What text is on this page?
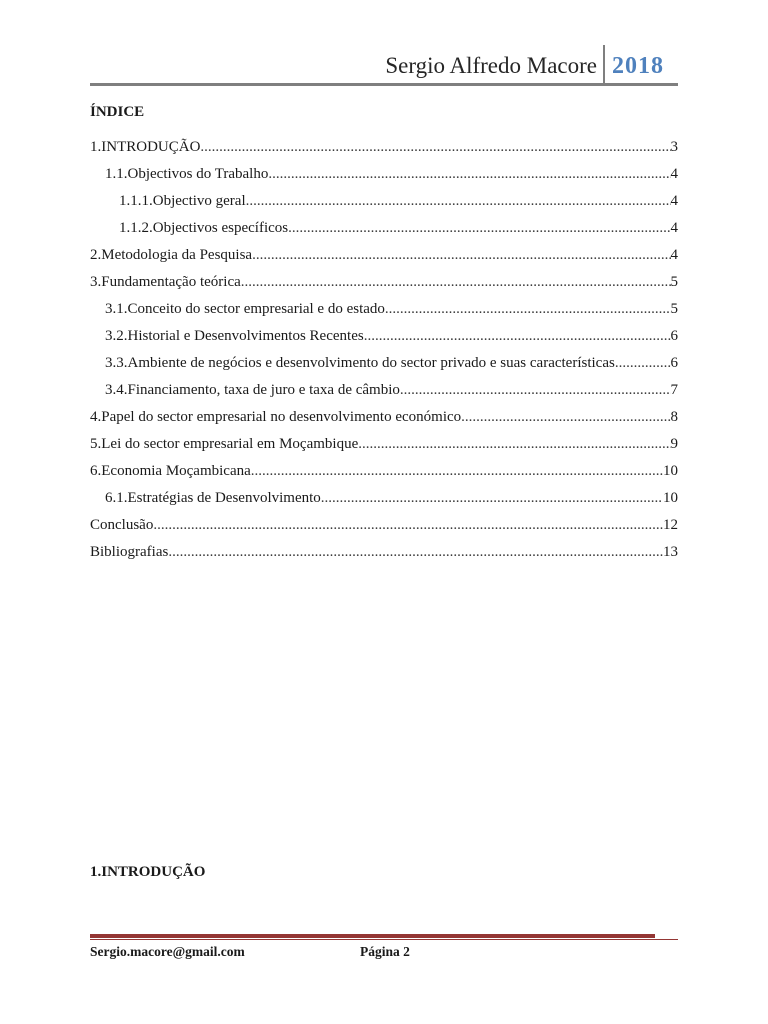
Sergio Alfredo Macore 2018
ÍNDICE
1.INTRODUÇÃO .....	3
1.1.Objectivos do Trabalho .....	4
1.1.1.Objectivo geral .....	4
1.1.2.Objectivos específicos .....	4
2.Metodologia da Pesquisa .....	4
3.Fundamentação teórica .....	5
3.1.Conceito do sector empresarial e do estado .....	5
3.2.Historial e Desenvolvimentos Recentes .....	6
3.3.Ambiente de negócios e desenvolvimento do sector privado e suas características .....	6
3.4.Financiamento, taxa de juro e taxa de câmbio .....	7
4.Papel do sector empresarial no desenvolvimento económico .....	8
5.Lei do sector empresarial em Moçambique .....	9
6.Economia Moçambicana .....	10
6.1.Estratégias de Desenvolvimento .....	10
Conclusão .....	12
Bibliografias .....	13
1.INTRODUÇÃO
Sergio.macore@gmail.com	Página 2
